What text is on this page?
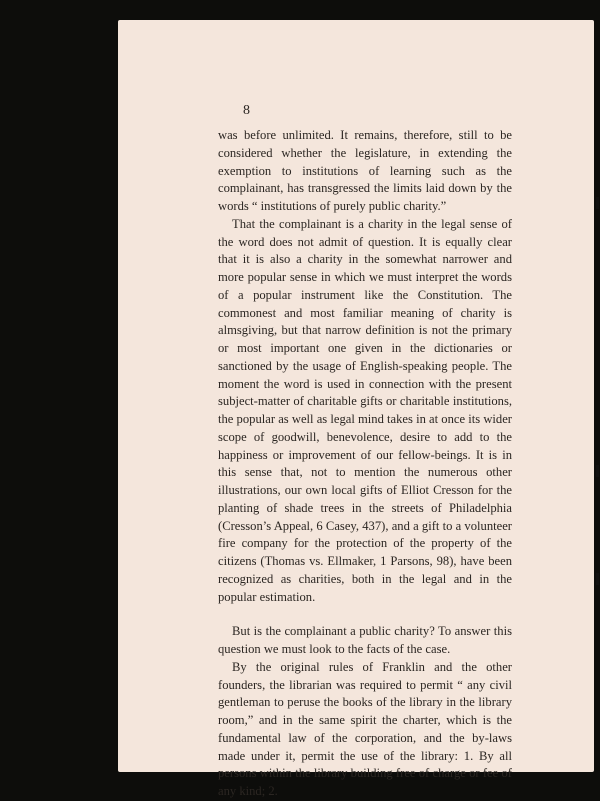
8

was before unlimited. It remains, therefore, still to be considered whether the legislature, in extending the exemption to institutions of learning such as the complainant, has transgressed the limits laid down by the words “ institutions of purely public charity.”

That the complainant is a charity in the legal sense of the word does not admit of question. It is equally clear that it is also a charity in the somewhat narrower and more popular sense in which we must interpret the words of a popular instrument like the Constitution. The commonest and most familiar meaning of charity is almsgiving, but that narrow definition is not the primary or most important one given in the dictionaries or sanctioned by the usage of English-speaking people. The moment the word is used in connection with the present subject-matter of charitable gifts or charitable institutions, the popular as well as legal mind takes in at once its wider scope of goodwill, benevolence, desire to add to the happiness or improvement of our fellow-beings. It is in this sense that, not to mention the numerous other illustrations, our own local gifts of Elliot Cresson for the planting of shade trees in the streets of Philadelphia (Cresson’s Appeal, 6 Casey, 437), and a gift to a volunteer fire company for the protection of the property of the citizens (Thomas vs. Ellmaker, 1 Parsons, 98), have been recognized as charities, both in the legal and in the popular estimation.

But is the complainant a public charity? To answer this question we must look to the facts of the case.

By the original rules of Franklin and the other founders, the librarian was required to permit “ any civil gentleman to peruse the books of the library in the library room,” and in the same spirit the charter, which is the fundamental law of the corporation, and the by-laws made under it, permit the use of the library: 1. By all persons within the library building free of charge or fee of any kind; 2.
